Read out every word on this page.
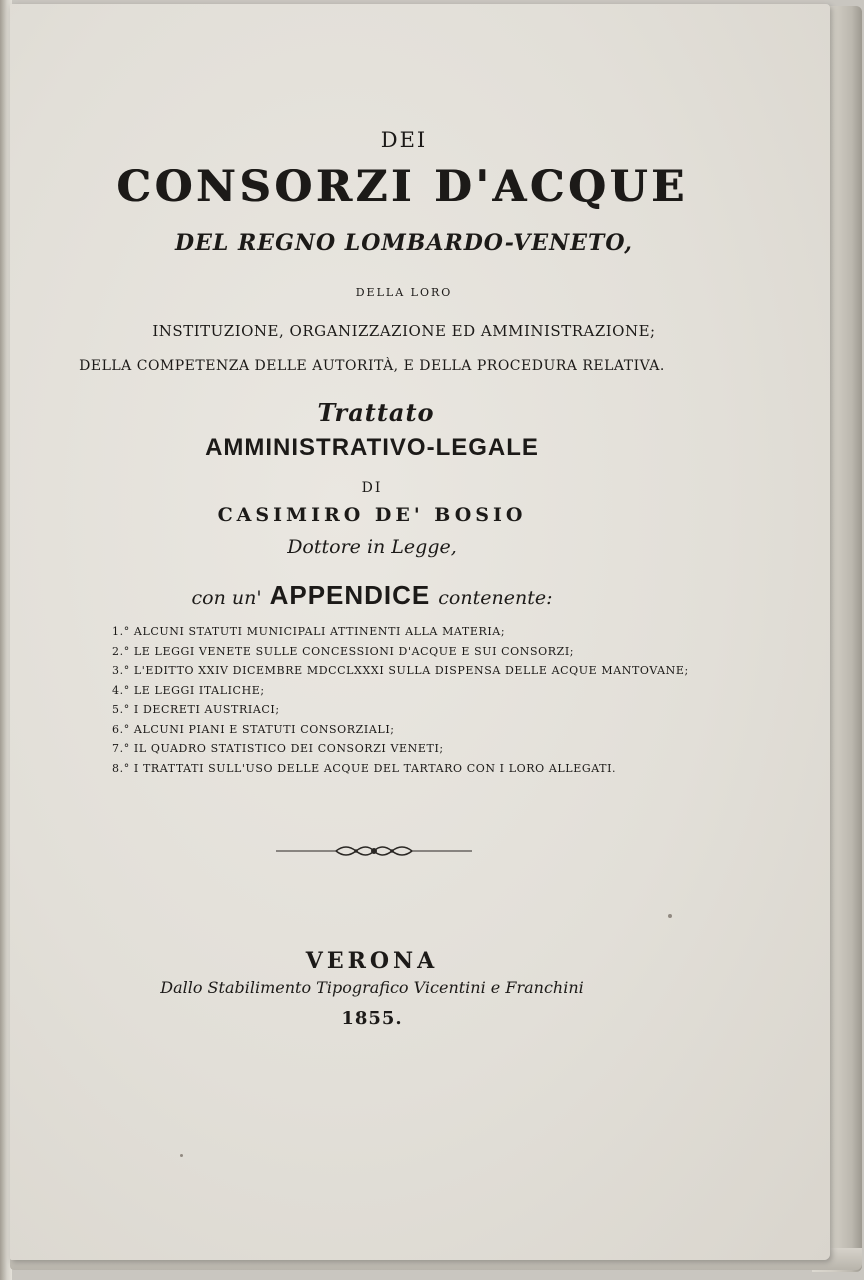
DEI
CONSORZI D'ACQUE
DEL REGNO LOMBARDO-VENETO,
DELLA LORO
INSTITUZIONE, ORGANIZZAZIONE ED AMMINISTRAZIONE;
DELLA COMPETENZA DELLE AUTORITÀ, E DELLA PROCEDURA RELATIVA.
Trattato
AMMINISTRATIVO-LEGALE
DI
CASIMIRO DE' BOSIO
Dottore in Legge,
con un' APPENDICE contenente:
1.° ALCUNI STATUTI MUNICIPALI ATTINENTI ALLA MATERIA;
2.° LE LEGGI VENETE SULLE CONCESSIONI D'ACQUE E SUI CONSORZI;
3.° L'EDITTO XXIV DICEMBRE MDCCLXXXI SULLA DISPENSA DELLE ACQUE MANTOVANE;
4.° LE LEGGI ITALICHE;
5.° I DECRETI AUSTRIACI;
6.° ALCUNI PIANI E STATUTI CONSORZIALI;
7.° IL QUADRO STATISTICO DEI CONSORZI VENETI;
8.° I TRATTATI SULL'USO DELLE ACQUE DEL TARTARO CON I LORO ALLEGATI.
VERONA
Dallo Stabilimento Tipografico Vicentini e Franchini
1855.
